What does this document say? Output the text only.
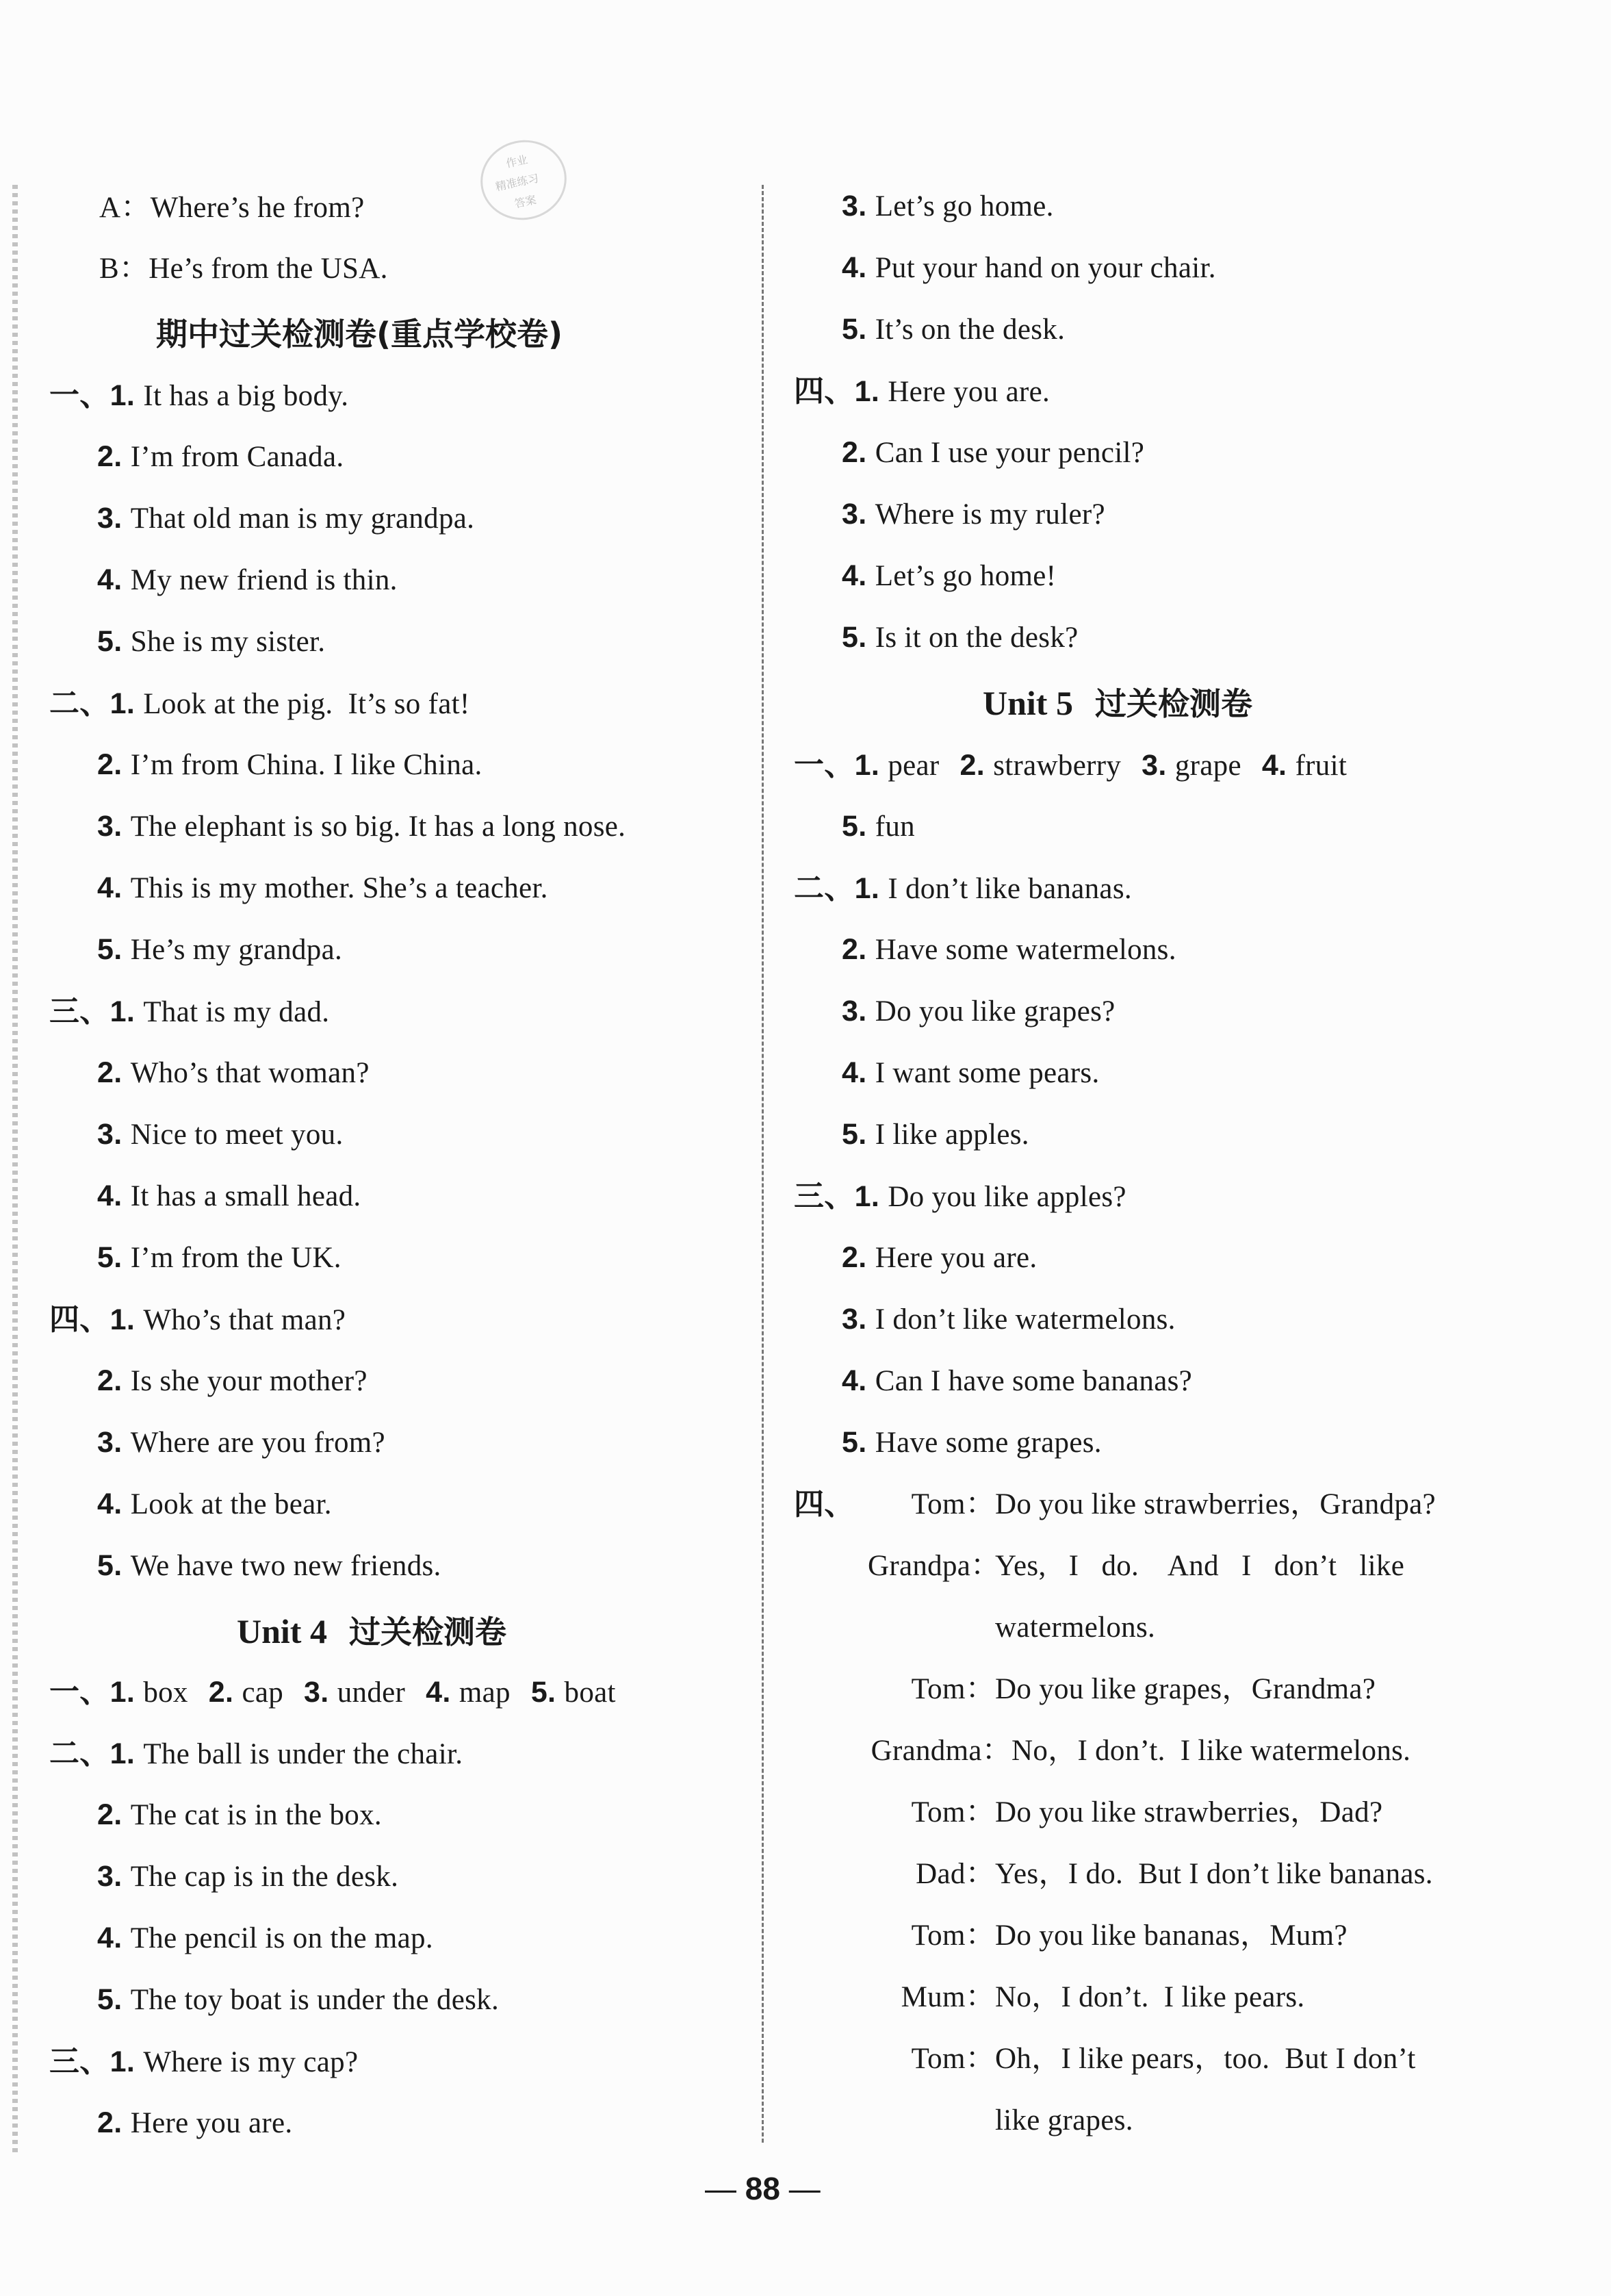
作业
精准练习
答案
A：Where’s he from?
B：He’s from the USA.
期中过关检测卷(重点学校卷)
一、1. It has a big body.
2. I’m from Canada.
3. That old man is my grandpa.
4. My new friend is thin.
5. She is my sister.
二、1. Look at the pig.  It’s so fat!
2. I’m from China. I like China.
3. The elephant is so big. It has a long nose.
4. This is my mother. She’s a teacher.
5. He’s my grandpa.
三、1. That is my dad.
2. Who’s that woman?
3. Nice to meet you.
4. It has a small head.
5. I’m from the UK.
四、1. Who’s that man?
2. Is she your mother?
3. Where are you from?
4. Look at the bear.
5. We have two new friends.
Unit 4 过关检测卷
一、1. box 2. cap 3. under 4. map 5. boat
二、1. The ball is under the chair.
2. The cat is in the box.
3. The cap is in the desk.
4. The pencil is on the map.
5. The toy boat is under the desk.
三、1. Where is my cap?
2. Here you are.
3. Let’s go home.
4. Put your hand on your chair.
5. It’s on the desk.
四、1. Here you are.
2. Can I use your pencil?
3. Where is my ruler?
4. Let’s go home!
5. Is it on the desk?
Unit 5 过关检测卷
一、1. pear 2. strawberry 3. grape 4. fruit
5. fun
二、1. I don’t like bananas.
2. Have some watermelons.
3. Do you like grapes?
4. I want some pears.
5. I like apples.
三、1. Do you like apples?
2. Here you are.
3. I don’t like watermelons.
4. Can I have some bananas?
5. Have some grapes.
四、	Tom：Do you like strawberries，Grandpa?
Grandpa：Yes,   I   do.    And   I   don’t   like
watermelons.
Tom：Do you like grapes，Grandma?
Grandma：No，I don’t.  I like watermelons.
Tom：Do you like strawberries，Dad?
Dad：Yes，I do.  But I don’t like bananas.
Tom：Do you like bananas，Mum?
Mum：No，I don’t.  I like pears.
Tom：Oh，I like pears，too.  But I don’t
like grapes.
— 88 —
